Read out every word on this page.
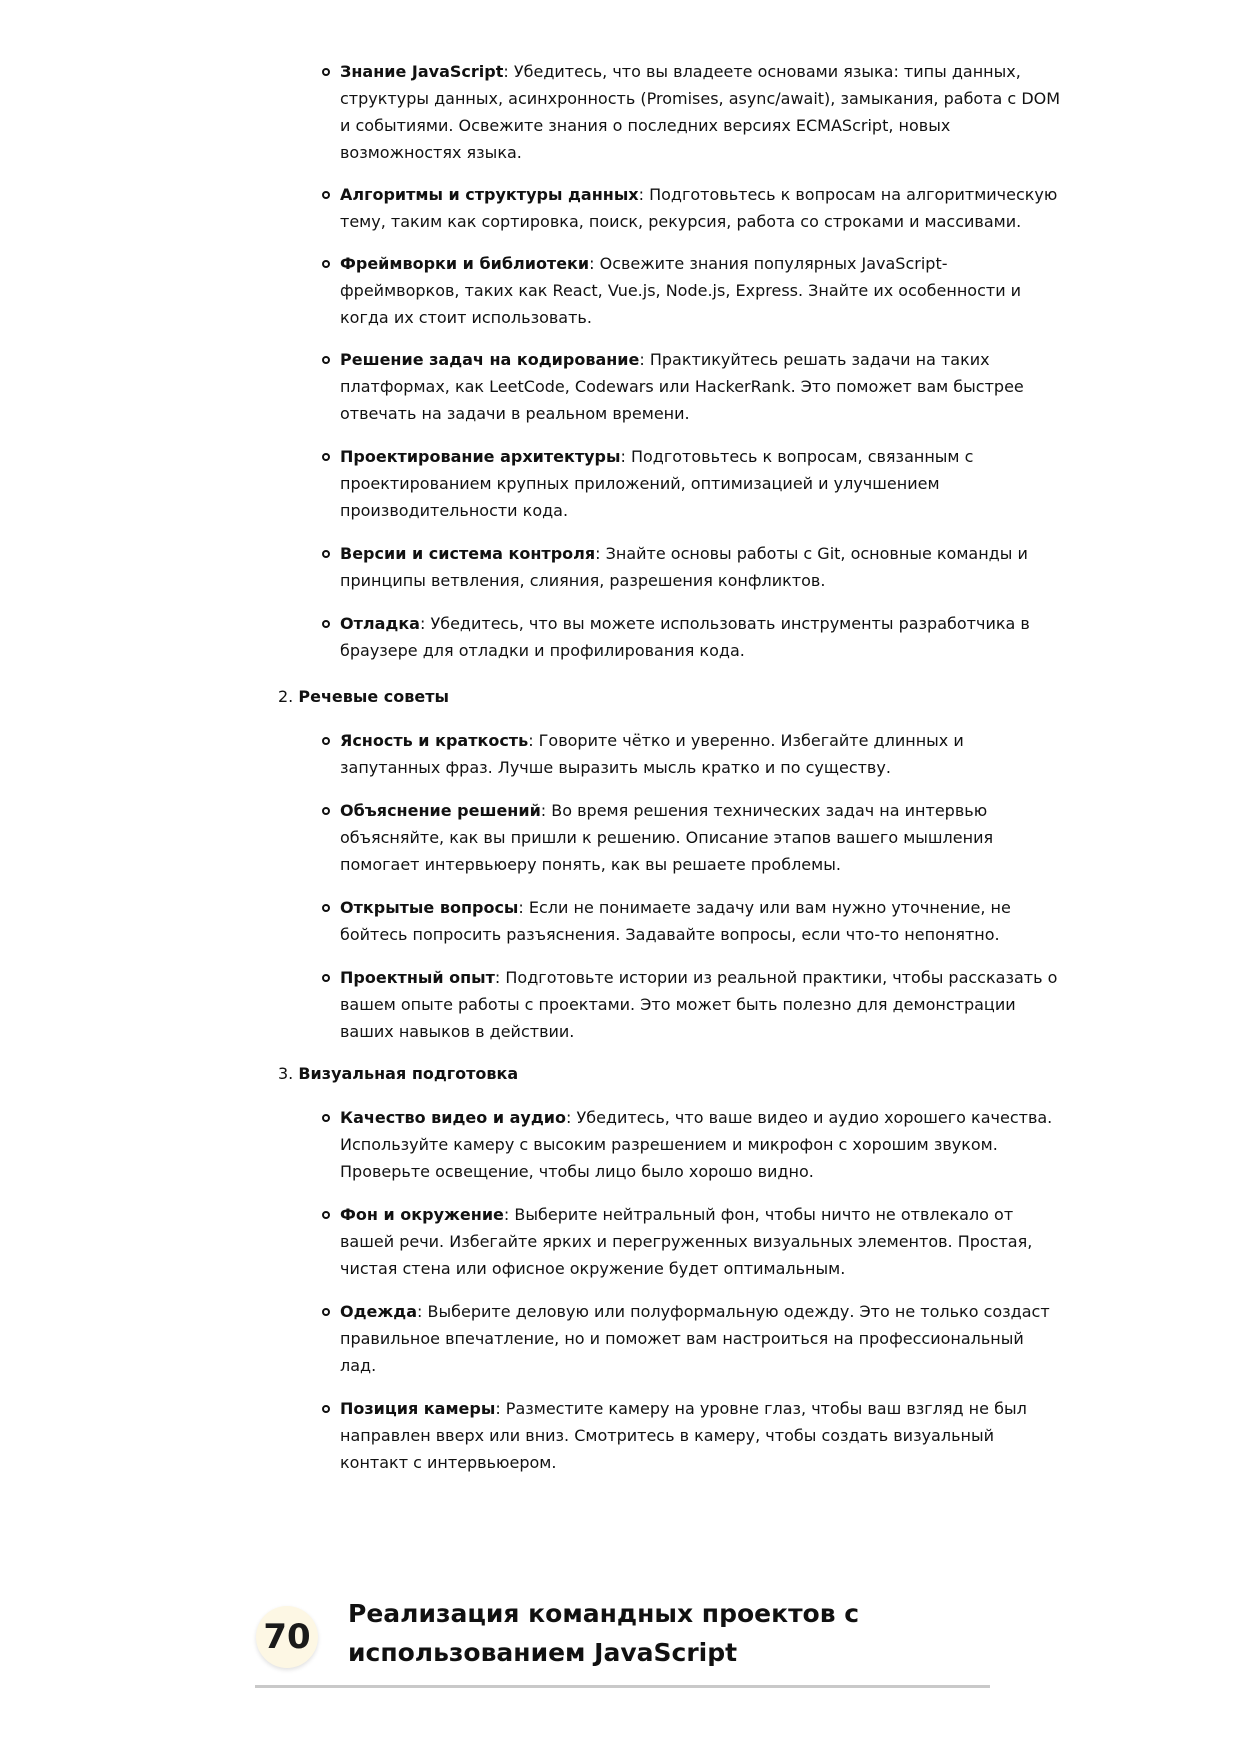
Знание JavaScript: Убедитесь, что вы владеете основами языка: типы данных,
структуры данных, асинхронность (Promises, async/await), замыкания, работа с DOM
и событиями. Освежите знания о последних версиях ECMAScript, новых
возможностях языка.
Алгоритмы и структуры данных: Подготовьтесь к вопросам на алгоритмическую
тему, таким как сортировка, поиск, рекурсия, работа со строками и массивами.
Фреймворки и библиотеки: Освежите знания популярных JavaScript-
фреймворков, таких как React, Vue.js, Node.js, Express. Знайте их особенности и
когда их стоит использовать.
Решение задач на кодирование: Практикуйтесь решать задачи на таких
платформах, как LeetCode, Codewars или HackerRank. Это поможет вам быстрее
отвечать на задачи в реальном времени.
Проектирование архитектуры: Подготовьтесь к вопросам, связанным с
проектированием крупных приложений, оптимизацией и улучшением
производительности кода.
Версии и система контроля: Знайте основы работы с Git, основные команды и
принципы ветвления, слияния, разрешения конфликтов.
Отладка: Убедитесь, что вы можете использовать инструменты разработчика в
браузере для отладки и профилирования кода.
2. Речевые советы
Ясность и краткость: Говорите чётко и уверенно. Избегайте длинных и
запутанных фраз. Лучше выразить мысль кратко и по существу.
Объяснение решений: Во время решения технических задач на интервью
объясняйте, как вы пришли к решению. Описание этапов вашего мышления
помогает интервьюеру понять, как вы решаете проблемы.
Открытые вопросы: Если не понимаете задачу или вам нужно уточнение, не
бойтесь попросить разъяснения. Задавайте вопросы, если что-то непонятно.
Проектный опыт: Подготовьте истории из реальной практики, чтобы рассказать о
вашем опыте работы с проектами. Это может быть полезно для демонстрации
ваших навыков в действии.
3. Визуальная подготовка
Качество видео и аудио: Убедитесь, что ваше видео и аудио хорошего качества.
Используйте камеру с высоким разрешением и микрофон с хорошим звуком.
Проверьте освещение, чтобы лицо было хорошо видно.
Фон и окружение: Выберите нейтральный фон, чтобы ничто не отвлекало от
вашей речи. Избегайте ярких и перегруженных визуальных элементов. Простая,
чистая стена или офисное окружение будет оптимальным.
Одежда: Выберите деловую или полуформальную одежду. Это не только создаст
правильное впечатление, но и поможет вам настроиться на профессиональный
лад.
Позиция камеры: Разместите камеру на уровне глаз, чтобы ваш взгляд не был
направлен вверх или вниз. Смотритесь в камеру, чтобы создать визуальный
контакт с интервьюером.
70
Реализация командных проектов с
использованием JavaScript
